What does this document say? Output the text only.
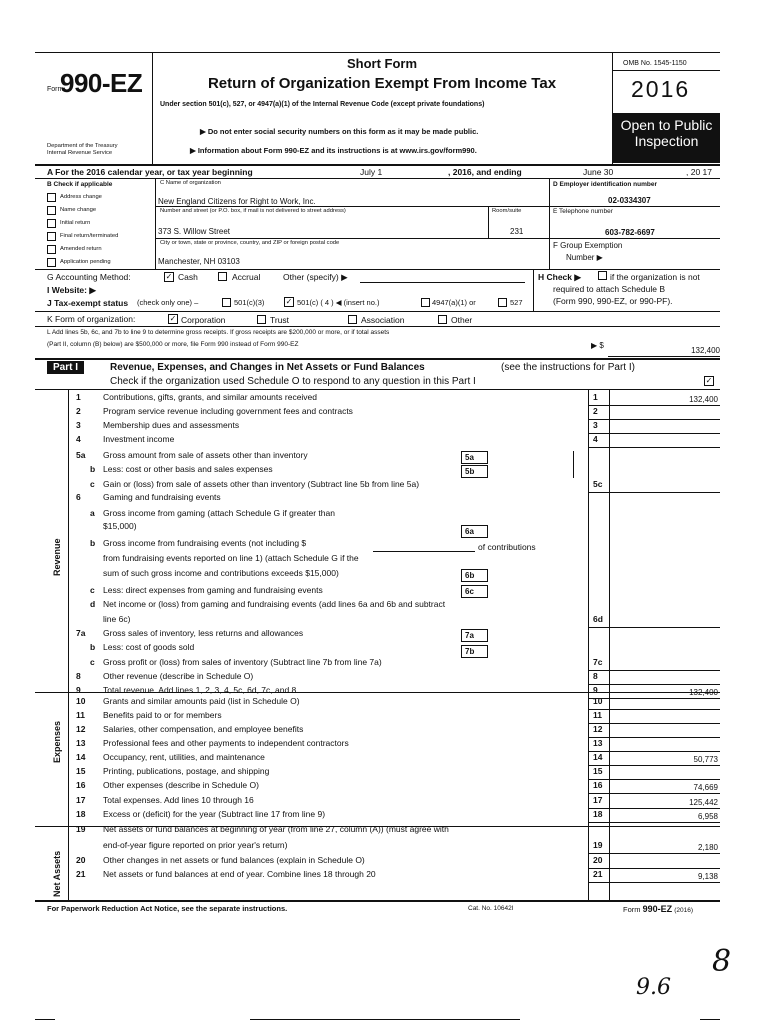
Form
990-EZ
Department of the Treasury
Internal Revenue Service
Short Form
Return of Organization Exempt From Income Tax
Under section 501(c), 527, or 4947(a)(1) of the Internal Revenue Code (except private foundations)
▶ Do not enter social security numbers on this form as it may be made public.
▶ Information about Form 990-EZ and its instructions is at www.irs.gov/form990.
OMB No. 1545-1150
2016
Open to Public
Inspection
A For the 2016 calendar year, or tax year beginning	July 1	, 2016, and ending	June 30	, 20 17
B Check if applicable
Address change
Name change
Initial return
Final return/terminated
Amended return
Application pending
C Name of organization
New England Citizens for Right to Work, Inc.
Number and street (or P.O. box, if mail is not delivered to street address)	Room/suite
373 S. Willow Street	231
City or town, state or province, country, and ZIP or foreign postal code
Manchester, NH 03103
D Employer identification number
02-0334307
E Telephone number
603-782-6697
F Group Exemption
Number ▶
G Accounting Method:	✓ Cash	Accrual	Other (specify) ▶	H Check ▶	if the organization is not
required to attach Schedule B
(Form 990, 990-EZ, or 990-PF).
I Website: ▶
J Tax-exempt status (check only one) –	501(c)(3)	✓ 501(c) ( 4 ) ◀ (insert no.)	4947(a)(1) or	527
K Form of organization:	✓ Corporation	Trust	Association	Other
L Add lines 5b, 6c, and 7b to line 9 to determine gross receipts. If gross receipts are $200,000 or more, or if total assets
(Part II, column (B) below) are $500,000 or more, file Form 990 instead of Form 990-EZ	▶ $
132,400
Part I	Revenue, Expenses, and Changes in Net Assets or Fund Balances	(see the instructions for Part I)
Check if the organization used Schedule O to respond to any question in this Part I	✓
Revenue
Expenses
Net Assets
1	Contributions, gifts, grants, and similar amounts received	1	132,400
2	Program service revenue including government fees and contracts	2
3	Membership dues and assessments	3
4	Investment income	4
5a Gross amount from sale of assets other than inventory
b Less: cost or other basis and sales expenses
c Gain or (loss) from sale of assets other than inventory (Subtract line 5b from line 5a)	5c
6	Gaming and fundraising events
a Gross income from gaming (attach Schedule G if greater than
$15,000)
b Gross income from fundraising events (not including $
from fundraising events reported on line 1) (attach Schedule G if the
sum of such gross income and contributions exceeds $15,000)
c Less: direct expenses from gaming and fundraising events
d Net income or (loss) from gaming and fundraising events (add lines 6a and 6b and subtract
line 6c)	6d
7a Gross sales of inventory, less returns and allowances
b Less: cost of goods sold
c Gross profit or (loss) from sales of inventory (Subtract line 7b from line 7a)	7c
8	Other revenue (describe in Schedule O)	8
9	Total revenue. Add lines 1, 2, 3, 4, 5c, 6d, 7c, and 8	9	132,400
10 Grants and similar amounts paid (list in Schedule O)	10
11 Benefits paid to or for members	11
12 Salaries, other compensation, and employee benefits	12
13 Professional fees and other payments to independent contractors	13
14 Occupancy, rent, utilities, and maintenance	14	50,773
15 Printing, publications, postage, and shipping	15
16 Other expenses (describe in Schedule O)	16	74,669
17 Total expenses. Add lines 10 through 16	17	125,442
18 Excess or (deficit) for the year (Subtract line 17 from line 9)	18	6,958
19 Net assets or fund balances at beginning of year (from line 27, column (A)) (must agree with
end-of-year figure reported on prior year's return)	19	2,180
20 Other changes in net assets or fund balances (explain in Schedule O)	20
21 Net assets or fund balances at end of year. Combine lines 18 through 20	21	9,138
5a
5b
6a
of contributions
6b
6c
7a
7b
For Paperwork Reduction Act Notice, see the separate instructions.	Cat. No. 10642I	Form 990-EZ (2016)
9.6
8
